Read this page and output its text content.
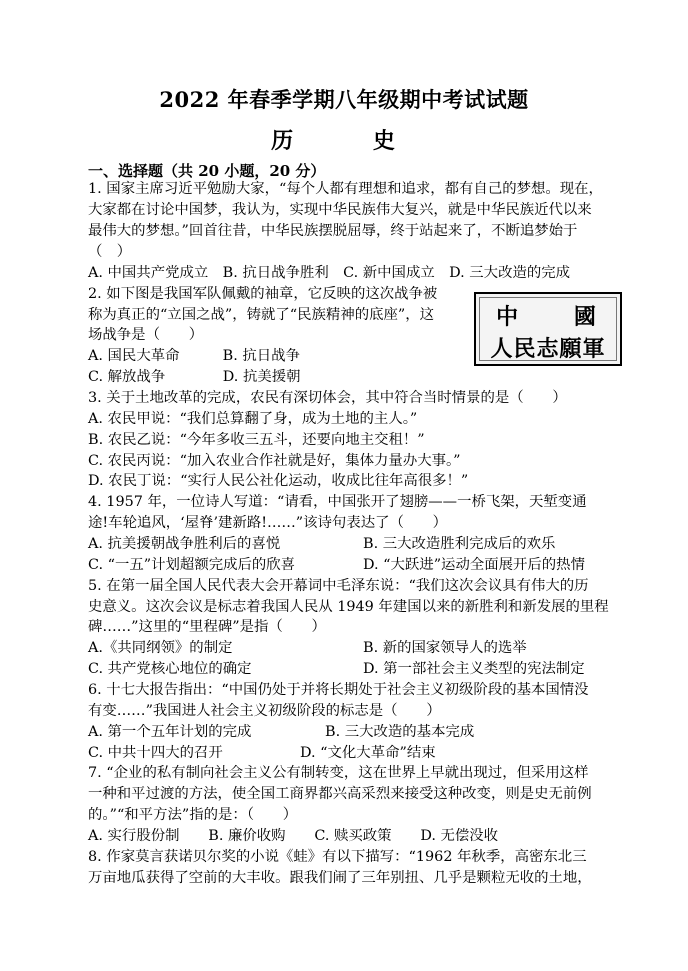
2022 年春季学期八年级期中考试试题
历 史
一、选择题（共 20 小题，20 分）
中 國
人民志願軍
1. 国家主席习近平勉励大家，“每个人都有理想和追求，都有自己的梦想。现在，
大家都在讨论中国梦，我认为，实现中华民族伟大复兴，就是中华民族近代以来
最伟大的梦想。”回首往昔，中华民族摆脱屈辱，终于站起来了，不断追梦始于
（　）
A. 中国共产党成立　B. 抗日战争胜利　C. 新中国成立　D. 三大改造的完成
2. 如下图是我国军队佩戴的袖章，它反映的这次战争被
称为真正的“立国之战”，铸就了“民族精神的底座”，这
场战争是（　　）
A. 国民大革命　　　B. 抗日战争
C. 解放战争　　　　D. 抗美援朝
3. 关于土地改革的完成，农民有深切体会，其中符合当时情景的是（　　）
A. 农民甲说：“我们总算翻了身，成为土地的主人。”
B. 农民乙说：“今年多收三五斗，还要向地主交租！”
C. 农民丙说：“加入农业合作社就是好，集体力量办大事。”
D. 农民丁说：“实行人民公社化运动，收成比往年高很多！”
4. 1957 年，一位诗人写道：“请看，中国张开了翅膀——一桥飞架，天堑变通
途!车轮追风，‘屋脊’建新路!……”该诗句表达了（　　）
A. 抗美援朝战争胜利后的喜悦	B. 三大改造胜利完成后的欢乐
C. “一五”计划超额完成后的欣喜	D. “大跃进”运动全面展开后的热情
5. 在第一届全国人民代表大会开幕词中毛泽东说：“我们这次会议具有伟大的历
史意义。这次会议是标志着我国人民从 1949 年建国以来的新胜利和新发展的里程
碑……”这里的“里程碑”是指（　　）
A.《共同纲领》的制定	B. 新的国家领导人的选举
C. 共产党核心地位的确定	D. 第一部社会主义类型的宪法制定
6. 十七大报告指出：“中国仍处于并将长期处于社会主义初级阶段的基本国情没
有变……”我国进人社会主义初级阶段的标志是（　　）
A. 第一个五年计划的完成	B. 三大改造的基本完成
C. 中共十四大的召开	D. “文化大革命”结束
7. “企业的私有制向社会主义公有制转变，这在世界上早就出现过，但采用这样
一种和平过渡的方法，使全国工商界都兴高采烈来接受这种改变，则是史无前例
的。”“和平方法”指的是：（　　）
A. 实行股份制　　B. 廉价收购　　C. 赎买政策　　D. 无偿没收
8. 作家莫言获诺贝尔奖的小说《蛙》有以下描写：“1962 年秋季，高密东北三
万亩地瓜获得了空前的大丰收。跟我们闹了三年别扭、几乎是颗粒无收的土地，
